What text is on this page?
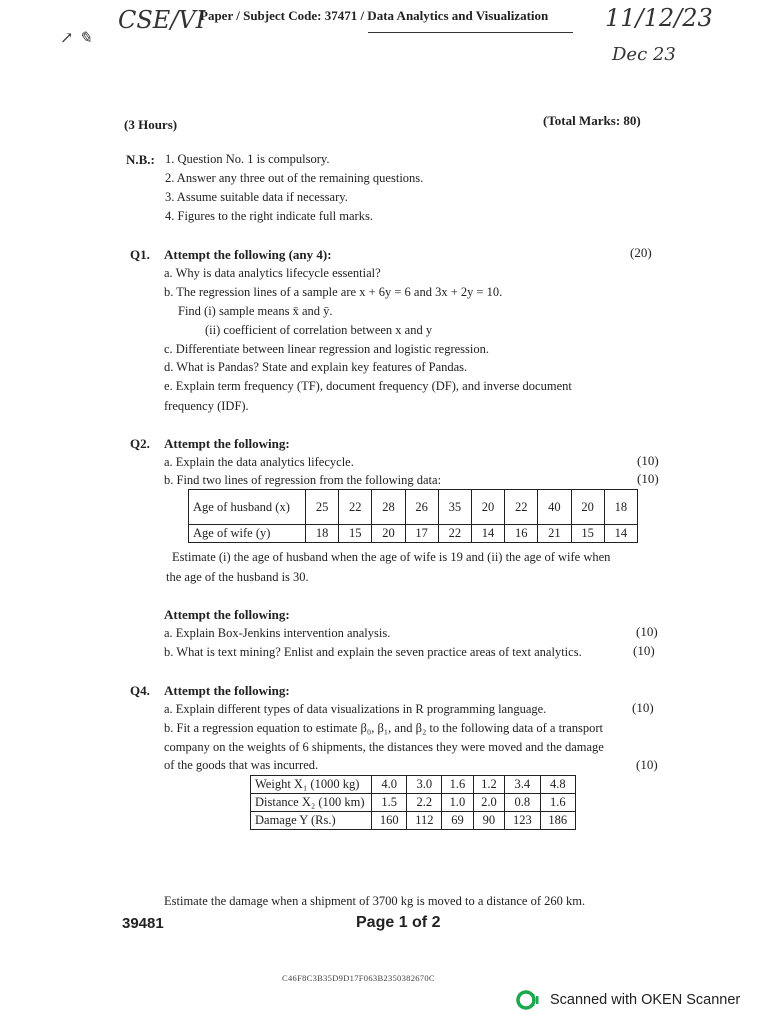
CSE/VI
↗ ✎
Paper / Subject Code: 37471 / Data Analytics and Visualization 11/12/23
Dec 23
(3 Hours)	(Total Marks: 80)
N.B.: 1. Question No. 1 is compulsory.
2. Answer any three out of the remaining questions.
3. Assume suitable data if necessary.
4. Figures to the right indicate full marks.
Q1. Attempt the following (any 4):	(20)
a. Why is data analytics lifecycle essential?
b. The regression lines of a sample are x + 6y = 6 and 3x + 2y = 10.
Find (i) sample means x̄ and ȳ.
(ii) coefficient of correlation between x and y
c. Differentiate between linear regression and logistic regression.
d. What is Pandas? State and explain key features of Pandas.
e. Explain term frequency (TF), document frequency (DF), and inverse document
frequency (IDF).
Q2. Attempt the following:
a. Explain the data analytics lifecycle.	(10)
b. Find two lines of regression from the following data:	(10)
Age of husband (x)	25	22	28	26	35	20	22	40	20	18
Age of wife (y)	18	15	20	17	22	14	16	21	15	14
Estimate (i) the age of husband when the age of wife is 19 and (ii) the age of wife when
the age of the husband is 30.
Attempt the following:
a. Explain Box-Jenkins intervention analysis.	(10)
b. What is text mining? Enlist and explain the seven practice areas of text analytics.	(10)
Q4. Attempt the following:
a. Explain different types of data visualizations in R programming language.	(10)
b. Fit a regression equation to estimate β₀, β₁, and β₂ to the following data of a transport
company on the weights of 6 shipments, the distances they were moved and the damage
of the goods that was incurred.	(10)
Weight X₁ (1000 kg)	4.0	3.0	1.6	1.2	3.4	4.8
Distance X₂ (100 km)	1.5	2.2	1.0	2.0	0.8	1.6
Damage Y (Rs.)	160	112	69	90	123	186
Estimate the damage when a shipment of 3700 kg is moved to a distance of 260 km.
39481	Page 1 of 2
C46F8C3B35D9D17F063B2350382670C
Scanned with OKEN Scanner
